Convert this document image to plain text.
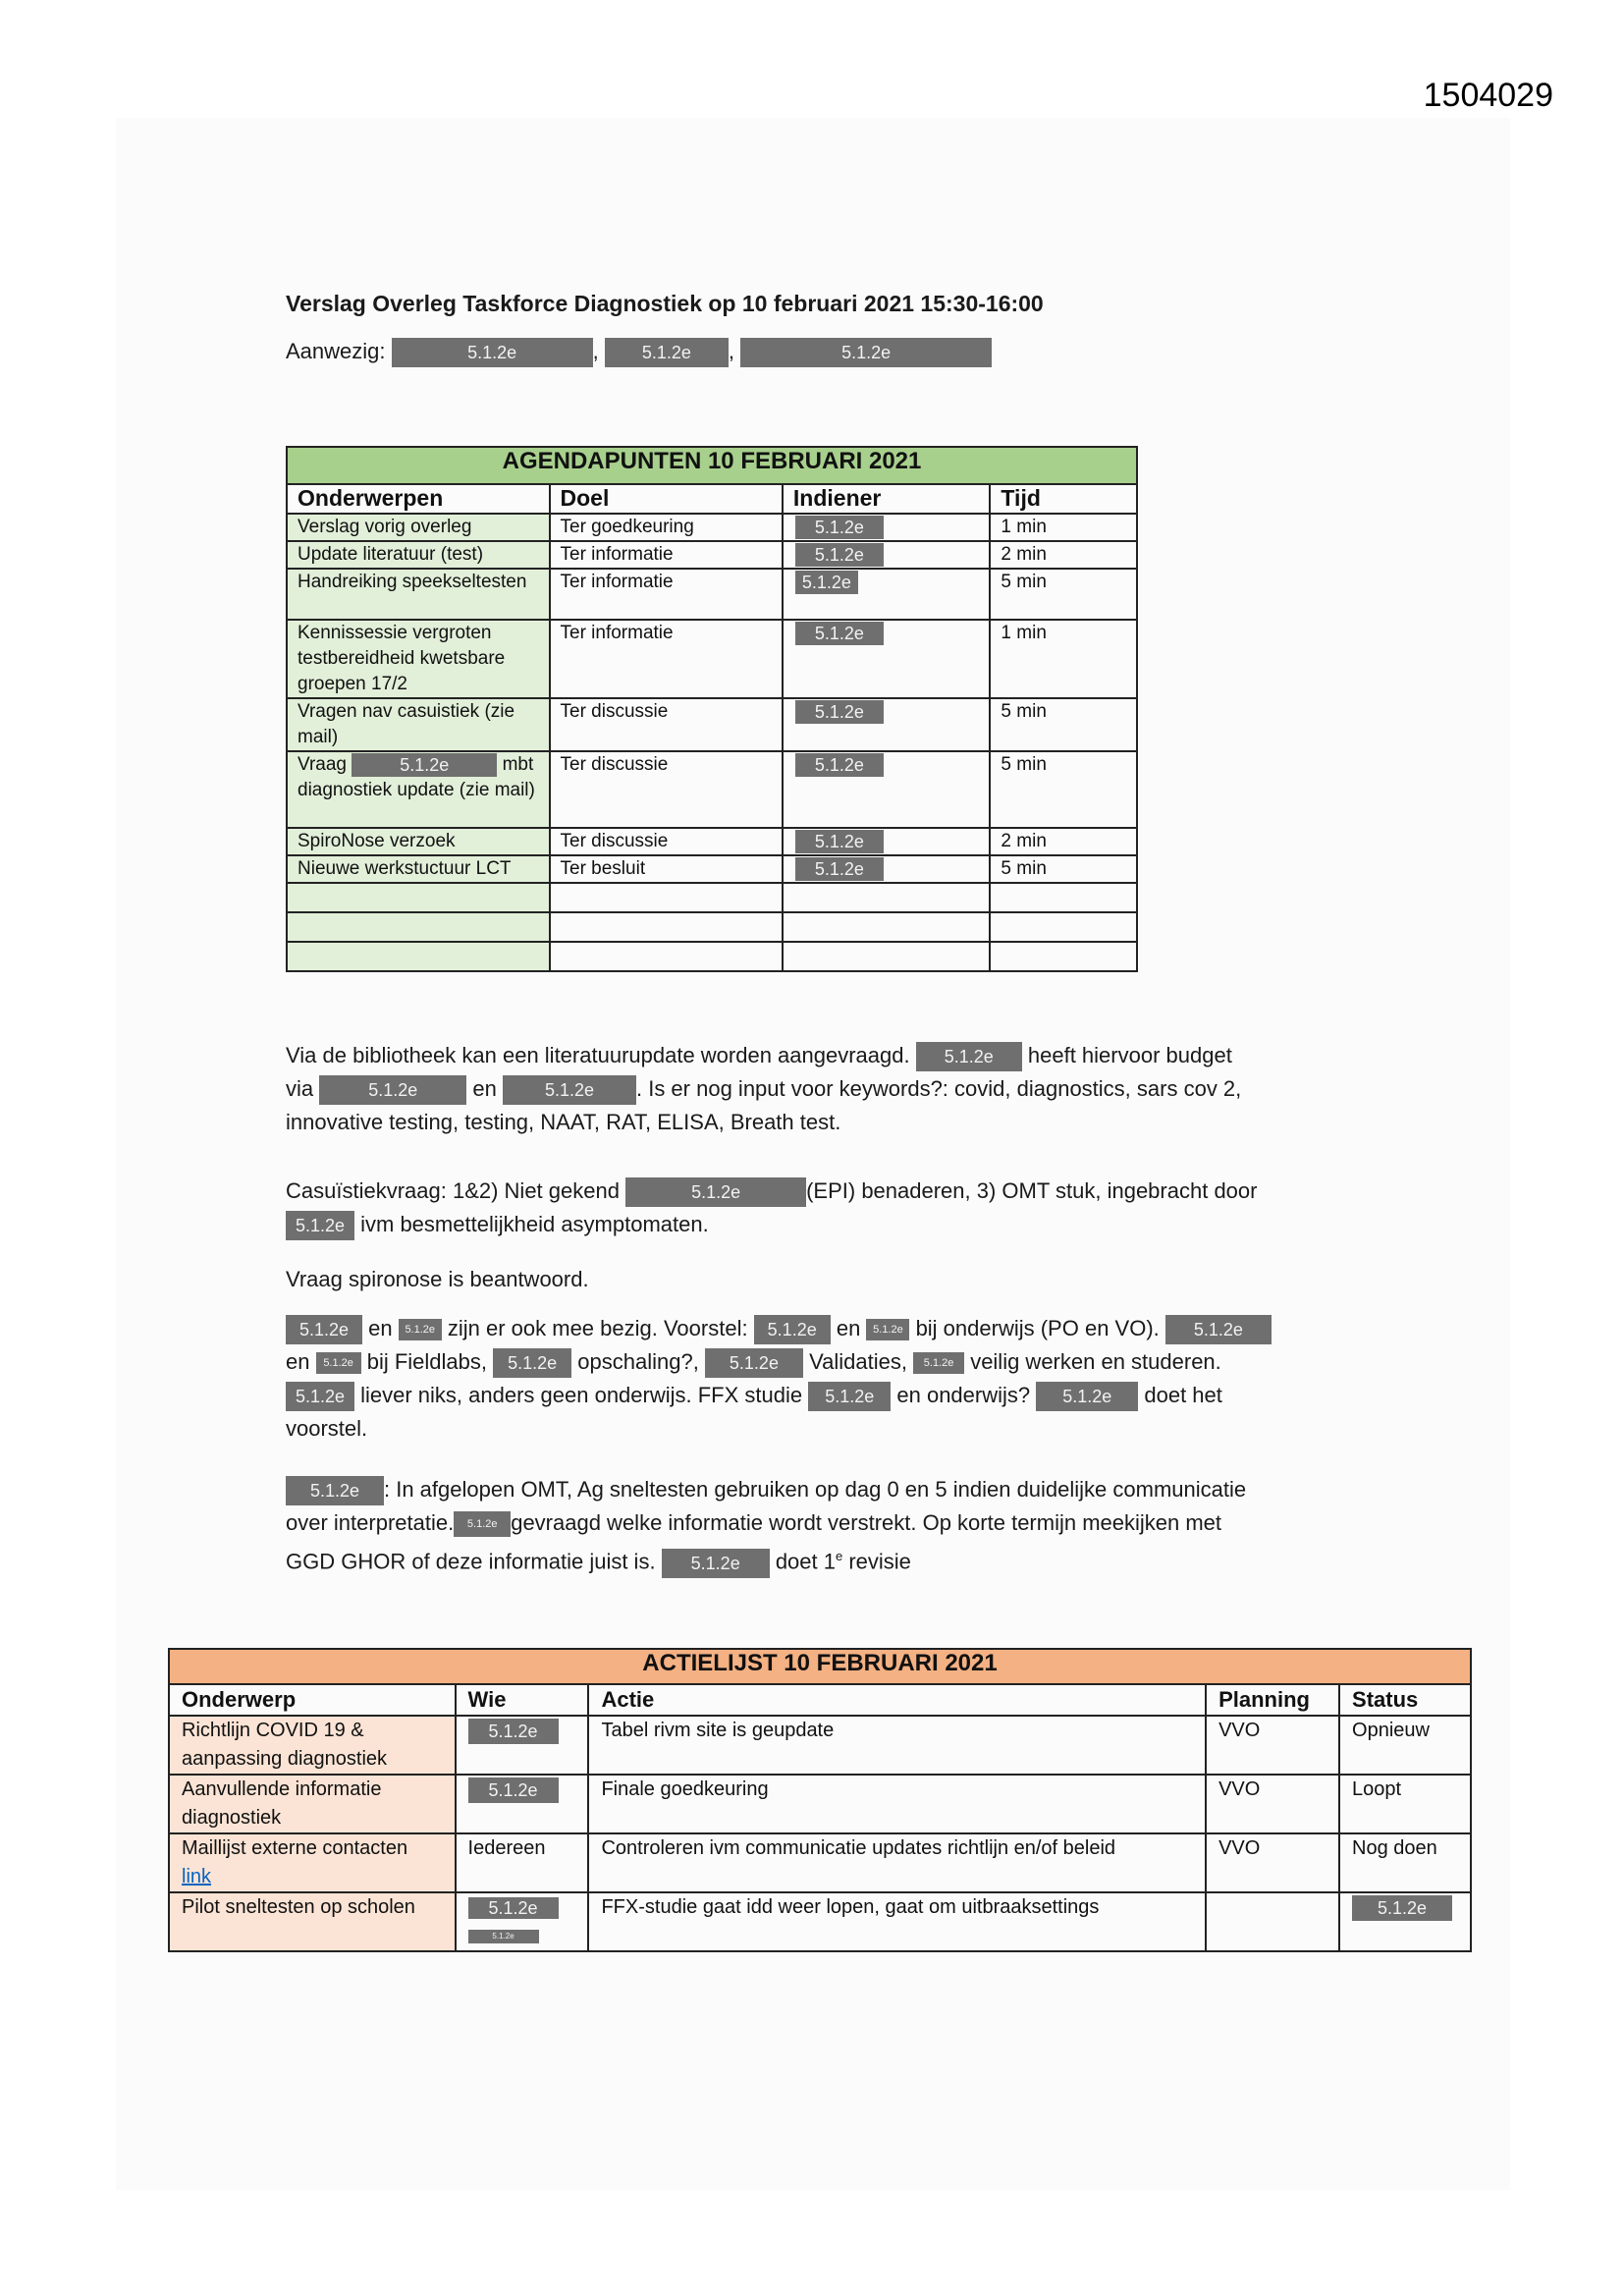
1504029
Verslag Overleg Taskforce Diagnostiek op 10 februari 2021 15:30-16:00
Aanwezig:	5.1.2e	, 5.1.2e ,	5.1.2e
AGENDAPUNTEN 10 FEBRUARI 2021			
Onderwerpen	Doel	Indiener	Tijd
Verslag vorig overleg	Ter goedkeuring	5.1.2e	1 min
Update literatuur (test)	Ter informatie	5.1.2e	2 min
Handreiking speekseltesten	Ter informatie	5.1.2e	5 min
Kennissessie vergroten testbereidheid kwetsbare groepen 17/2	Ter informatie	5.1.2e	1 min
Vragen nav casuistiek (zie mail)	Ter discussie	5.1.2e	5 min
Vraag 5.1.2e mbt diagnostiek update (zie mail)	Ter discussie	5.1.2e	5 min
SpiroNose verzoek	Ter discussie	5.1.2e	2 min
Nieuwe werkstuctuur LCT	Ter besluit	5.1.2e	5 min

Via de bibliotheek kan een literatuurupdate worden aangevraagd. 5.1.2e heeft hiervoor budget
via	5.1.2e	en	5.1.2e . Is er nog input voor keywords?: covid, diagnostics, sars cov 2,
innovative testing, testing, NAAT, RAT, ELISA, Breath test.
Casuïstiekvraag: 1&2) Niet gekend	5.1.2e	(EPI) benaderen, 3) OMT stuk, ingebracht door
5.1.2e ivm besmettelijkheid asymptomaten.
Vraag spironose is beantwoord.
5.1.2e en 5.1.2e zijn er ook mee bezig. Voorstel: 5.1.2e en 5.1.2e bij onderwijs (PO en VO). 5.1.2e
en 5.1.2e bij Fieldlabs, 5.1.2e opschaling?, 5.1.2e Validaties, 5.1.2e veilig werken en studeren.
5.1.2e liever niks, anders geen onderwijs. FFX studie 5.1.2e en onderwijs? 5.1.2e doet het
voorstel.
5.1.2e : In afgelopen OMT, Ag sneltesten gebruiken op dag 0 en 5 indien duidelijke communicatie
over interpretatie. 5.1.2e gevraagd welke informatie wordt verstrekt. Op korte termijn meekijken met
GGD GHOR of deze informatie juist is. 5.1.2e doet 1e revisie
ACTIELIJST 10 FEBRUARI 2021				
Onderwerp	Wie	Actie	Planning	Status
Richtlijn COVID 19 & aanpassing diagnostiek	5.1.2e	Tabel rivm site is geupdate	VVO	Opnieuw
Aanvullende informatie diagnostiek	5.1.2e	Finale goedkeuring	VVO	Loopt

Maillijst externe contacten
link	Iedereen	Controleren ivm communicatie updates richtlijn en/of beleid	VVO	Nog doen
Pilot sneltesten op scholen	5.1.2e
5.1.2e	FFX-studie gaat idd weer lopen, gaat om uitbraaksettings		5.1.2e
